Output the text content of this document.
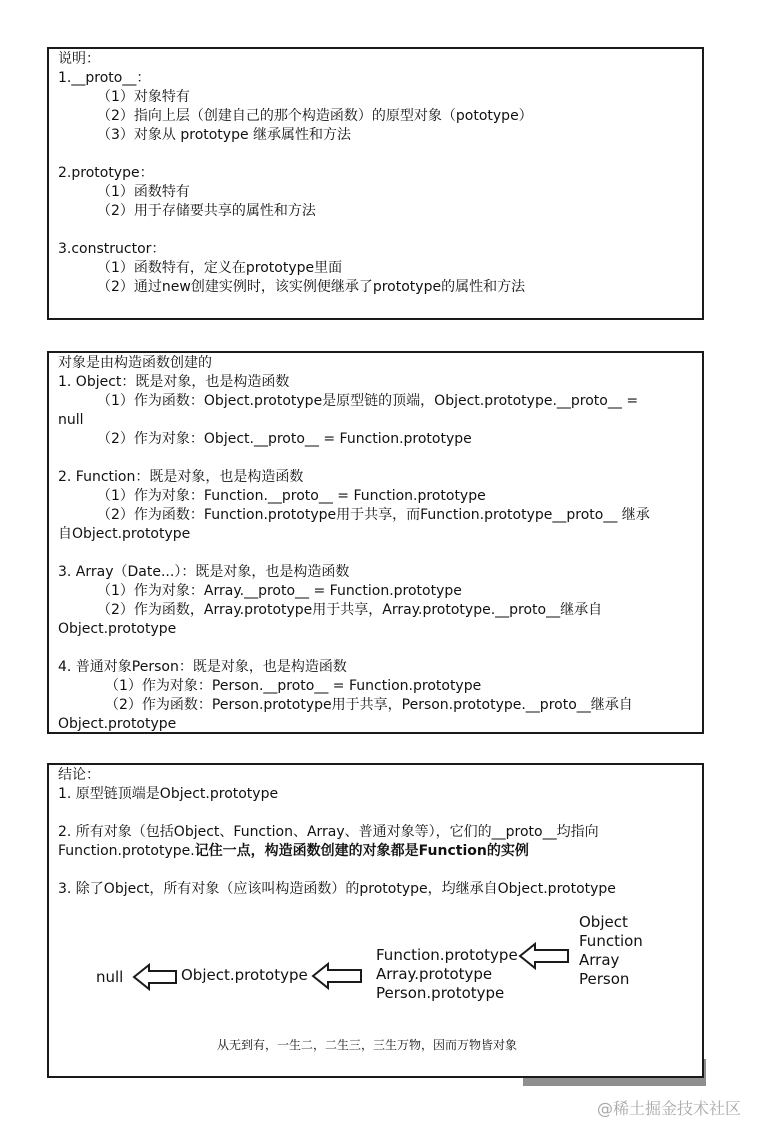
说明：
1.__proto__：
（1）对象特有
（2）指向上层（创建自己的那个构造函数）的原型对象（pototype）
（3）对象从 prototype 继承属性和方法
2.prototype：
（1）函数特有
（2）用于存储要共享的属性和方法
3.constructor：
（1）函数特有，定义在prototype里面
（2）通过new创建实例时，该实例便继承了prototype的属性和方法
对象是由构造函数创建的
1. Object：既是对象，也是构造函数
（1）作为函数：Object.prototype是原型链的顶端，Object.prototype.__proto__ =
null
（2）作为对象：Object.__proto__ = Function.prototype
2. Function：既是对象，也是构造函数
（1）作为对象：Function.__proto__ = Function.prototype
（2）作为函数：Function.prototype用于共享，而Function.prototype__proto__ 继承
自Object.prototype
3. Array（Date...）：既是对象，也是构造函数
（1）作为对象：Array.__proto__ = Function.prototype
（2）作为函数，Array.prototype用于共享，Array.prototype.__proto__继承自
Object.prototype
4. 普通对象Person：既是对象，也是构造函数
（1）作为对象：Person.__proto__ = Function.prototype
（2）作为函数：Person.prototype用于共享，Person.prototype.__proto__继承自
Object.prototype
结论：
1. 原型链顶端是Object.prototype
2. 所有对象（包括Object、Function、Array、普通对象等），它们的__proto__均指向
Function.prototype.记住一点，构造函数创建的对象都是Function的实例
3. 除了Object，所有对象（应该叫构造函数）的prototype，均继承自Object.prototype
null	Object.prototype
Function.prototype
Array.prototype
Person.prototype
Object
Function
Array
Person
从无到有，一生二，二生三，三生万物，因而万物皆对象
@稀土掘金技术社区
